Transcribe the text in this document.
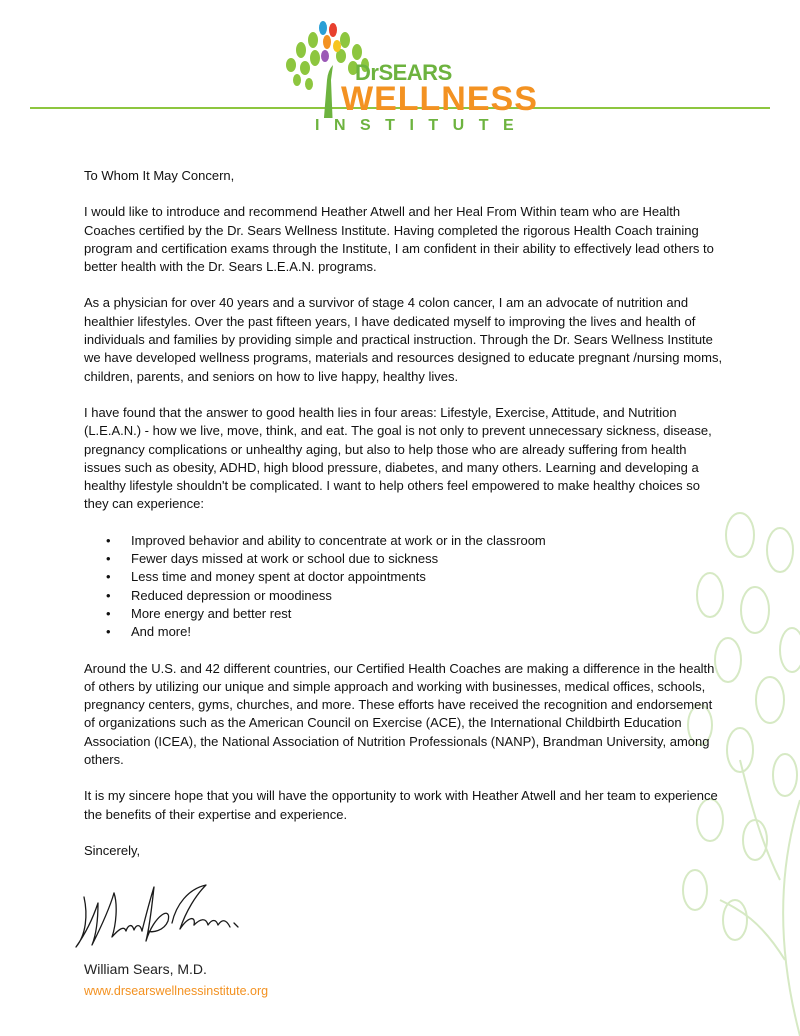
DrSEARS
WELLNESS
INSTITUTE

To Whom It May Concern,

I would like to introduce and recommend Heather Atwell and her Heal From Within team who are Health Coaches certified by the Dr. Sears Wellness Institute. Having completed the rigorous Health Coach training program and certification exams through the Institute, I am confident in their ability to effectively lead others to better health with the Dr. Sears L.E.A.N. programs.

As a physician for over 40 years and a survivor of stage 4 colon cancer, I am an advocate of nutrition and healthier lifestyles. Over the past fifteen years, I have dedicated myself to improving the lives and health of individuals and families by providing simple and practical instruction. Through the Dr. Sears Wellness Institute we have developed wellness programs, materials and resources designed to educate pregnant /nursing moms, children, parents, and seniors on how to live happy, healthy lives.

I have found that the answer to good health lies in four areas: Lifestyle, Exercise, Attitude, and Nutrition (L.E.A.N.) - how we live, move, think, and eat. The goal is not only to prevent unnecessary sickness, disease, pregnancy complications or unhealthy aging, but also to help those who are already suffering from health issues such as obesity, ADHD, high blood pressure, diabetes, and many others. Learning and developing a healthy lifestyle shouldn't be complicated. I want to help others feel empowered to make healthy choices so they can experience:

• Improved behavior and ability to concentrate at work or in the classroom
• Fewer days missed at work or school due to sickness
• Less time and money spent at doctor appointments
• Reduced depression or moodiness
• More energy and better rest
• And more!

Around the U.S. and 42 different countries, our Certified Health Coaches are making a difference in the health of others by utilizing our unique and simple approach and working with businesses, medical offices, schools, pregnancy centers, gyms, churches, and more. These efforts have received the recognition and endorsement of organizations such as the American Council on Exercise (ACE), the International Childbirth Education Association (ICEA), the National Association of Nutrition Professionals (NANP), Brandman University, among others.

It is my sincere hope that you will have the opportunity to work with Heather Atwell and her team to experience the benefits of their expertise and experience.

Sincerely,

William Sears, M.D.
www.drsearswellnessinstitute.org
